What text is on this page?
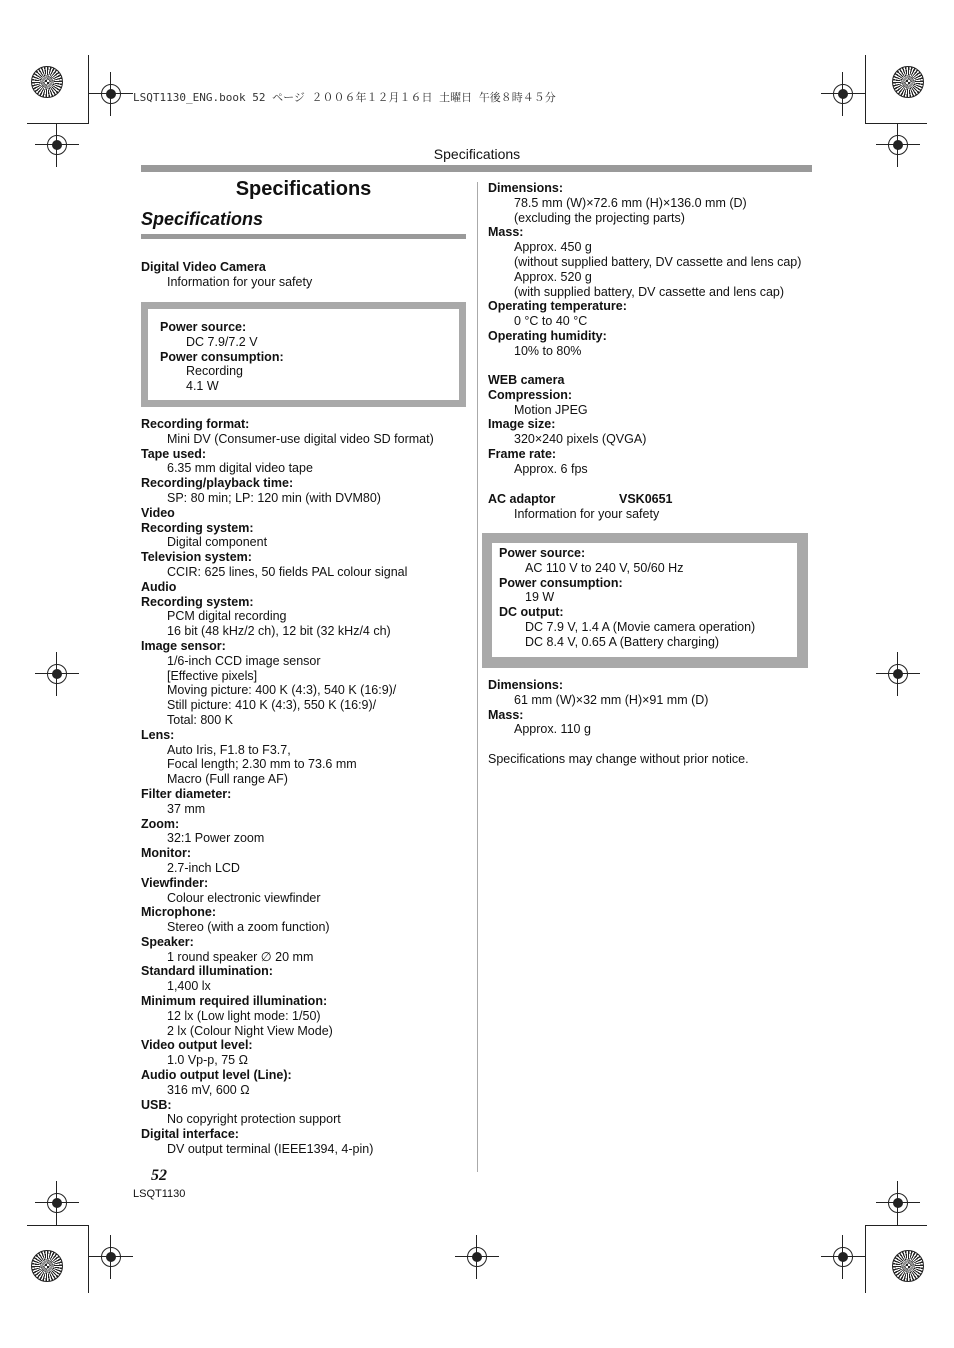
LSQT1130_ENG.book 52 ページ ２００６年１２月１６日 土曜日 午後８時４５分
Specifications
Specifications
Specifications
Digital Video Camera
Information for your safety
Power source:
DC 7.9/7.2 V
Power consumption:
Recording
4.1 W
Recording format:
Mini DV (Consumer-use digital video SD format)
Tape used:
6.35 mm digital video tape
Recording/playback time:
SP: 80 min; LP: 120 min (with DVM80)
Video
Recording system:
Digital component
Television system:
CCIR: 625 lines, 50 fields PAL colour signal
Audio
Recording system:
PCM digital recording
16 bit (48 kHz/2 ch), 12 bit (32 kHz/4 ch)
Image sensor:
1/6-inch CCD image sensor
[Effective pixels]
Moving picture: 400 K (4:3), 540 K (16:9)/
Still picture: 410 K (4:3), 550 K (16:9)/
Total: 800 K
Lens:
Auto Iris, F1.8 to F3.7,
Focal length; 2.30 mm to 73.6 mm
Macro (Full range AF)
Filter diameter:
37 mm
Zoom:
32:1 Power zoom
Monitor:
2.7-inch LCD
Viewfinder:
Colour electronic viewfinder
Microphone:
Stereo (with a zoom function)
Speaker:
1 round speaker ∅ 20 mm
Standard illumination:
1,400 lx
Minimum required illumination:
12 lx (Low light mode: 1/50)
2 lx (Colour Night View Mode)
Video output level:
1.0 Vp-p, 75 Ω
Audio output level (Line):
316 mV, 600 Ω
USB:
No copyright protection support
Digital interface:
DV output terminal (IEEE1394, 4-pin)
Dimensions:
78.5 mm (W)×72.6 mm (H)×136.0 mm (D)
(excluding the projecting parts)
Mass:
Approx. 450 g
(without supplied battery, DV cassette and lens cap)
Approx. 520 g
(with supplied battery, DV cassette and lens cap)
Operating temperature:
0 °C to 40 °C
Operating humidity:
10% to 80%
WEB camera
Compression:
Motion JPEG
Image size:
320×240 pixels (QVGA)
Frame rate:
Approx. 6 fps
AC adaptor	VSK0651
Information for your safety
Power source:
AC 110 V to 240 V, 50/60 Hz
Power consumption:
19 W
DC output:
DC 7.9 V, 1.4 A (Movie camera operation)
DC 8.4 V, 0.65 A (Battery charging)
Dimensions:
61 mm (W)×32 mm (H)×91 mm (D)
Mass:
Approx. 110 g
Specifications may change without prior notice.
52
LSQT1130
